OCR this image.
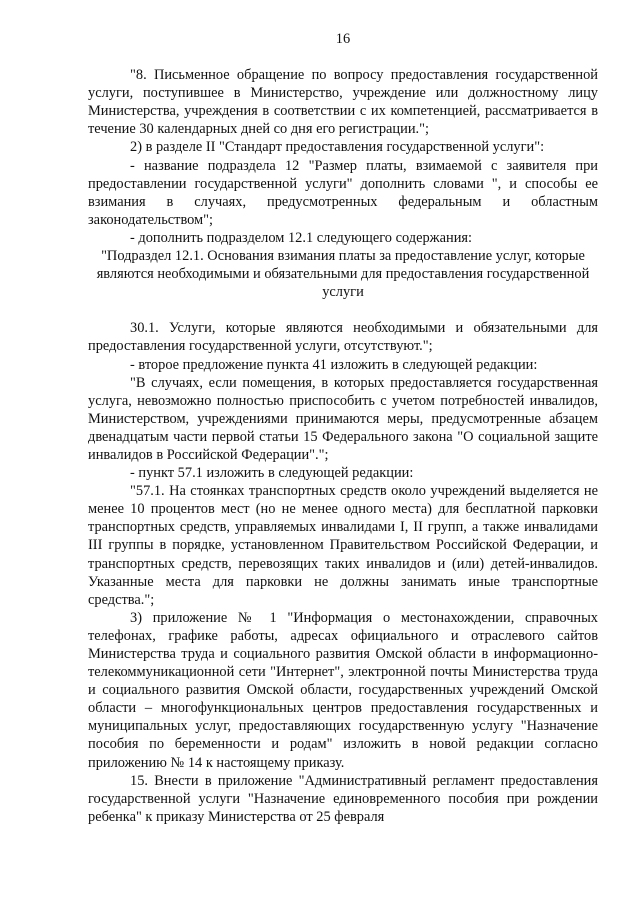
16

"8. Письменное обращение по вопросу предоставления государственной услуги, поступившее в Министерство, учреждение или должностному лицу Министерства, учреждения в соответствии с их компетенцией, рассматривается в течение 30 календарных дней со дня его регистрации.";

2) в разделе II "Стандарт предоставления государственной услуги":

- название подраздела 12 "Размер платы, взимаемой с заявителя при предоставлении государственной услуги" дополнить словами ", и способы ее взимания в случаях, предусмотренных федеральным и областным законодательством";

- дополнить подразделом 12.1 следующего содержания:

"Подраздел 12.1. Основания взимания платы за предоставление услуг, которые являются необходимыми и обязательными для предоставления государственной услуги

30.1. Услуги, которые являются необходимыми и обязательными для предоставления государственной услуги, отсутствуют.";

- второе предложение пункта 41 изложить в следующей редакции:

"В случаях, если помещения, в которых предоставляется государственная услуга, невозможно полностью приспособить с учетом потребностей инвалидов, Министерством, учреждениями принимаются меры, предусмотренные абзацем двенадцатым части первой статьи 15 Федерального закона "О социальной защите инвалидов в Российской Федерации".";

- пункт 57.1 изложить в следующей редакции:

"57.1. На стоянках транспортных средств около учреждений выделяется не менее 10 процентов мест (но не менее одного места) для бесплатной парковки транспортных средств, управляемых инвалидами I, II групп, а также инвалидами III группы в порядке, установленном Правительством Российской Федерации, и транспортных средств, перевозящих таких инвалидов и (или) детей-инвалидов. Указанные места для парковки не должны занимать иные транспортные средства.";

3) приложение № 1 "Информация о местонахождении, справочных телефонах, графике работы, адресах официального и отраслевого сайтов Министерства труда и социального развития Омской области в информационно-телекоммуникационной сети "Интернет", электронной почты Министерства труда и социального развития Омской области, государственных учреждений Омской области – многофункциональных центров предоставления государственных и муниципальных услуг, предоставляющих государственную услугу "Назначение пособия по беременности и родам" изложить в новой редакции согласно приложению № 14 к настоящему приказу.

15. Внести в приложение "Административный регламент предоставления государственной услуги "Назначение единовременного пособия при рождении ребенка" к приказу Министерства от 25 февраля
